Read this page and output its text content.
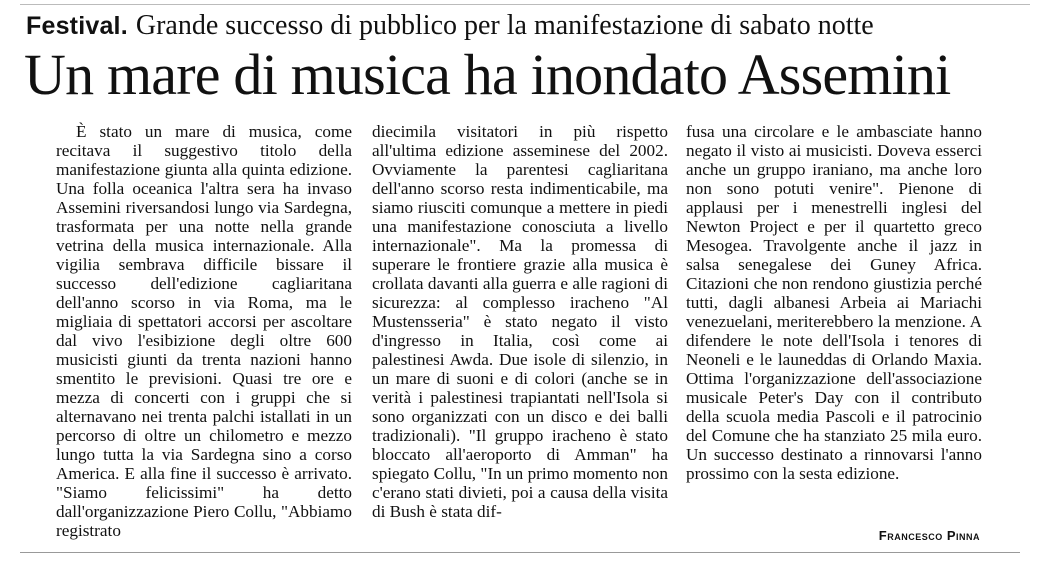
Festival. Grande successo di pubblico per la manifestazione di sabato notte
Un mare di musica ha inondato Assemini

È stato un mare di musica, come recitava il suggestivo titolo della manifestazione giunta alla quinta edizione. Una folla oceanica l'altra sera ha invaso Assemini riversandosi lungo via Sardegna, trasformata per una notte nella grande vetrina della musica internazionale. Alla vigilia sembrava difficile bissare il successo dell'edizione cagliaritana dell'anno scorso in via Roma, ma le migliaia di spettatori accorsi per ascoltare dal vivo l'esibizione degli oltre 600 musicisti giunti da trenta nazioni hanno smentito le previsioni. Quasi tre ore e mezza di concerti con i gruppi che si alternavano nei trenta palchi istallati in un percorso di oltre un chilometro e mezzo lungo tutta la via Sardegna sino a corso America. E alla fine il successo è arrivato. "Siamo felicissimi" ha detto dall'organizzazione Piero Collu, "Abbiamo registrato

diecimila visitatori in più rispetto all'ultima edizione asseminese del 2002. Ovviamente la parentesi cagliaritana dell'anno scorso resta indimenticabile, ma siamo riusciti comunque a mettere in piedi una manifestazione conosciuta a livello internazionale". Ma la promessa di superare le frontiere grazie alla musica è crollata davanti alla guerra e alle ragioni di sicurezza: al complesso iracheno "Al Mustensseria" è stato negato il visto d'ingresso in Italia, così come ai palestinesi Awda. Due isole di silenzio, in un mare di suoni e di colori (anche se in verità i palestinesi trapiantati nell'Isola si sono organizzati con un disco e dei balli tradizionali). "Il gruppo iracheno è stato bloccato all'aeroporto di Amman" ha spiegato Collu, "In un primo momento non c'erano stati divieti, poi a causa della visita di Bush è stata dif-

fusa una circolare e le ambasciate hanno negato il visto ai musicisti. Doveva esserci anche un gruppo iraniano, ma anche loro non sono potuti venire". Pienone di applausi per i menestrelli inglesi del Newton Project e per il quartetto greco Mesogea. Travolgente anche il jazz in salsa senegalese dei Guney Africa. Citazioni che non rendono giustizia perché tutti, dagli albanesi Arbeia ai Mariachi venezuelani, meriterebbero la menzione. A difendere le note dell'Isola i tenores di Neoneli e le launeddas di Orlando Maxia. Ottima l'organizzazione dell'associazione musicale Peter's Day con il contributo della scuola media Pascoli e il patrocinio del Comune che ha stanziato 25 mila euro. Un successo destinato a rinnovarsi l'anno prossimo con la sesta edizione.

Francesco Pinna
